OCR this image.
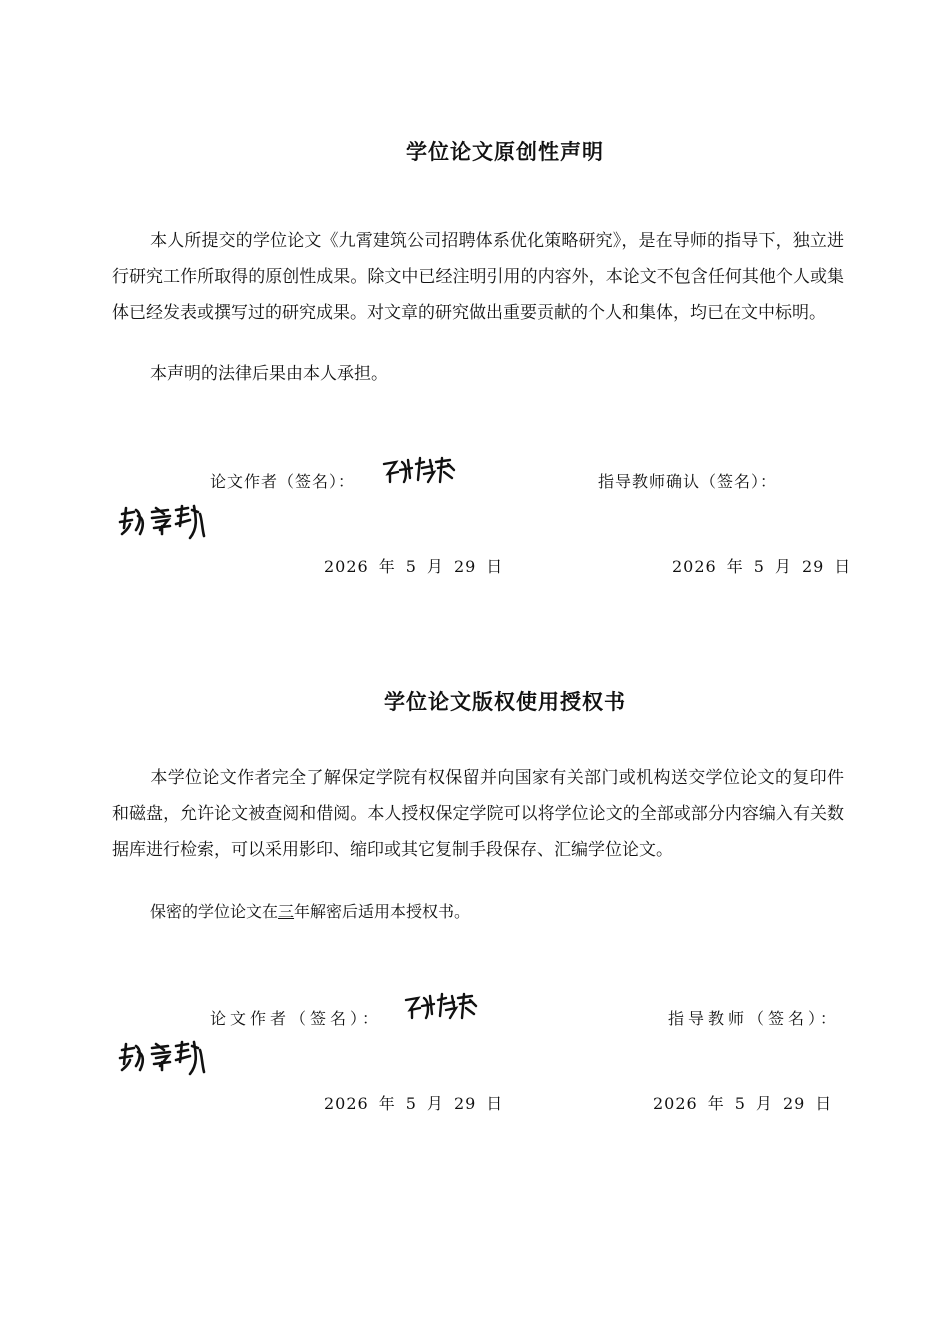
学位论文原创性声明

本人所提交的学位论文《九霄建筑公司招聘体系优化策略研究》，是在导师的指导下，独立进行研究工作所取得的原创性成果。除文中已经注明引用的内容外，本论文不包含任何其他个人或集体已经发表或撰写过的研究成果。对文章的研究做出重要贡献的个人和集体，均已在文中标明。

本声明的法律后果由本人承担。
论文作者（签名）：	指导教师确认（签名）：
2026 年 5 月 29 日	2026 年 5 月 29 日
学位论文版权使用授权书

本学位论文作者完全了解保定学院有权保留并向国家有关部门或机构送交学位论文的复印件和磁盘，允许论文被查阅和借阅。本人授权保定学院可以将学位论文的全部或部分内容编入有关数据库进行检索，可以采用影印、缩印或其它复制手段保存、汇编学位论文。

保密的学位论文在三年解密后适用本授权书。
论文作者（签名）：	指导教师（签名）：
2026 年 5 月 29 日	2026 年 5 月 29 日
